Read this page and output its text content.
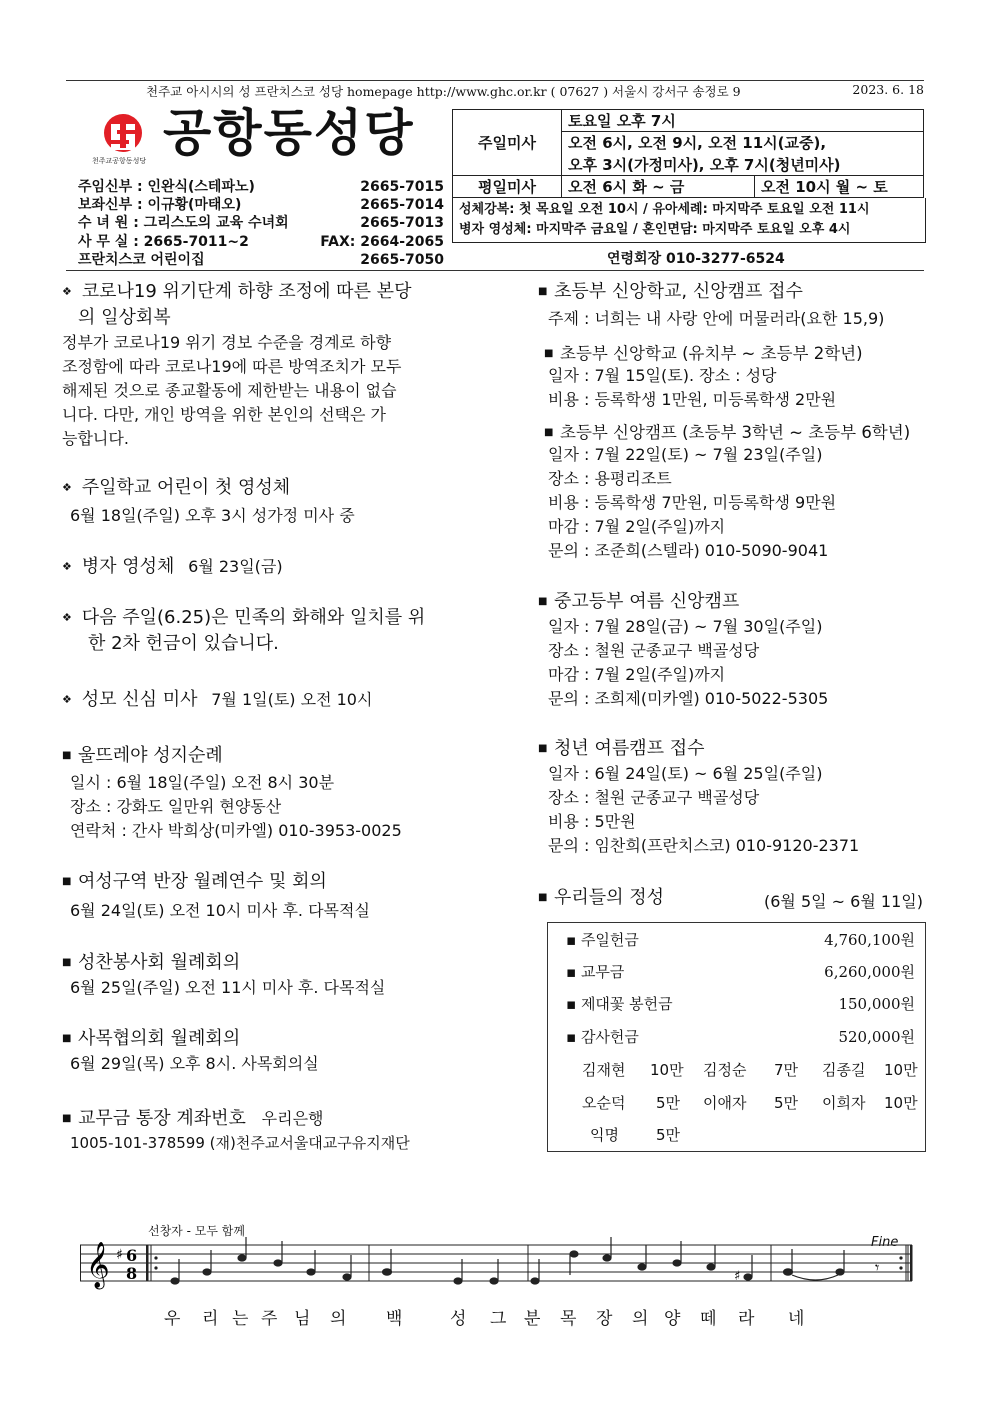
천주교 아시시의 성 프란치스코 성당 homepage http://www.ghc.or.kr ( 07627 ) 서울시 강서구 송정로 9	2023. 6. 18
천주교공항동성당 공항동성당
주임신부 : 인완식(스테파노)	2665-7015
보좌신부 : 이규황(마태오)	2665-7014
수 녀 원 : 그리스도의 교육 수녀회	2665-7013
사 무 실 : 2665-7011~2	FAX: 2664-2065
프란치스코 어린이집	2665-7050
주일미사	토요일 오후 7시	
	오전 6시, 오전 9시, 오전 11시(교중),	
	오후 3시(가정미사), 오후 7시(청년미사)	
평일미사	오전 6시 화 ~ 금	오전 10시 월 ~ 토
성체강복: 첫 목요일 오전 10시 / 유아세례: 마지막주 토요일 오전 11시
병자 영성체: 마지막주 금요일 / 혼인면담: 마지막주 토요일 오후 4시
연령회장 010-3277-6524
❖ 코로나19 위기단계 하향 조정에 따른 본당
의 일상회복
정부가 코로나19 위기 경보 수준을 경계로 하향
조정함에 따라 코로나19에 따른 방역조치가 모두
해제된 것으로 종교활동에 제한받는 내용이 없습
니다. 다만, 개인 방역을 위한 본인의 선택은 가
능합니다.
❖ 주일학교 어린이 첫 영성체
6월 18일(주일) 오후 3시 성가정 미사 중
❖ 병자 영성체 6월 23일(금)
❖ 다음 주일(6.25)은 민족의 화해와 일치를 위
한 2차 헌금이 있습니다.
❖ 성모 신심 미사 7월 1일(토) 오전 10시
■ 울뜨레야 성지순례
일시 : 6월 18일(주일) 오전 8시 30분
장소 : 강화도 일만위 현양동산
연락처 : 간사 박희상(미카엘) 010-3953-0025
■ 여성구역 반장 월례연수 및 회의
6월 24일(토) 오전 10시 미사 후. 다목적실
■ 성찬봉사회 월례회의
6월 25일(주일) 오전 11시 미사 후. 다목적실
■ 사목협의회 월례회의
6월 29일(목) 오후 8시. 사목회의실
■ 교무금 통장 계좌번호 우리은행
1005-101-378599 (재)천주교서울대교구유지재단
■ 초등부 신앙학교, 신앙캠프 접수
주제 : 너희는 내 사랑 안에 머물러라(요한 15,9)
■ 초등부 신앙학교 (유치부 ~ 초등부 2학년)
일자 : 7월 15일(토). 장소 : 성당
비용 : 등록학생 1만원, 미등록학생 2만원
■ 초등부 신앙캠프 (초등부 3학년 ~ 초등부 6학년)
일자 : 7월 22일(토) ~ 7월 23일(주일)
장소 : 용평리조트
비용 : 등록학생 7만원, 미등록학생 9만원
마감 : 7월 2일(주일)까지
문의 : 조준희(스텔라) 010-5090-9041
■ 중고등부 여름 신앙캠프
일자 : 7월 28일(금) ~ 7월 30일(주일)
장소 : 철원 군종교구 백골성당
마감 : 7월 2일(주일)까지
문의 : 조희제(미카엘) 010-5022-5305
■ 청년 여름캠프 접수
일자 : 6월 24일(토) ~ 6월 25일(주일)
장소 : 철원 군종교구 백골성당
비용 : 5만원
문의 : 임찬희(프란치스코) 010-9120-2371
■ 우리들의 정성	(6월 5일 ~ 6월 11일)
▪ 주일헌금	4,760,100원
▪ 교무금	6,260,000원
▪ 제대꽃 봉헌금	150,000원
▪ 감사헌금	520,000원
김재현 10만 김정순 7만 김종길 10만
오순덕 5만 이애자 5만 이희자 10만
익명 5만
선창자 - 모두 함께
Fine
𝄞 ♯ 6
8	♯	𝄾
우 리 는 주 님 의 백	성 그 분 목 장 의 양 떼 라 네
